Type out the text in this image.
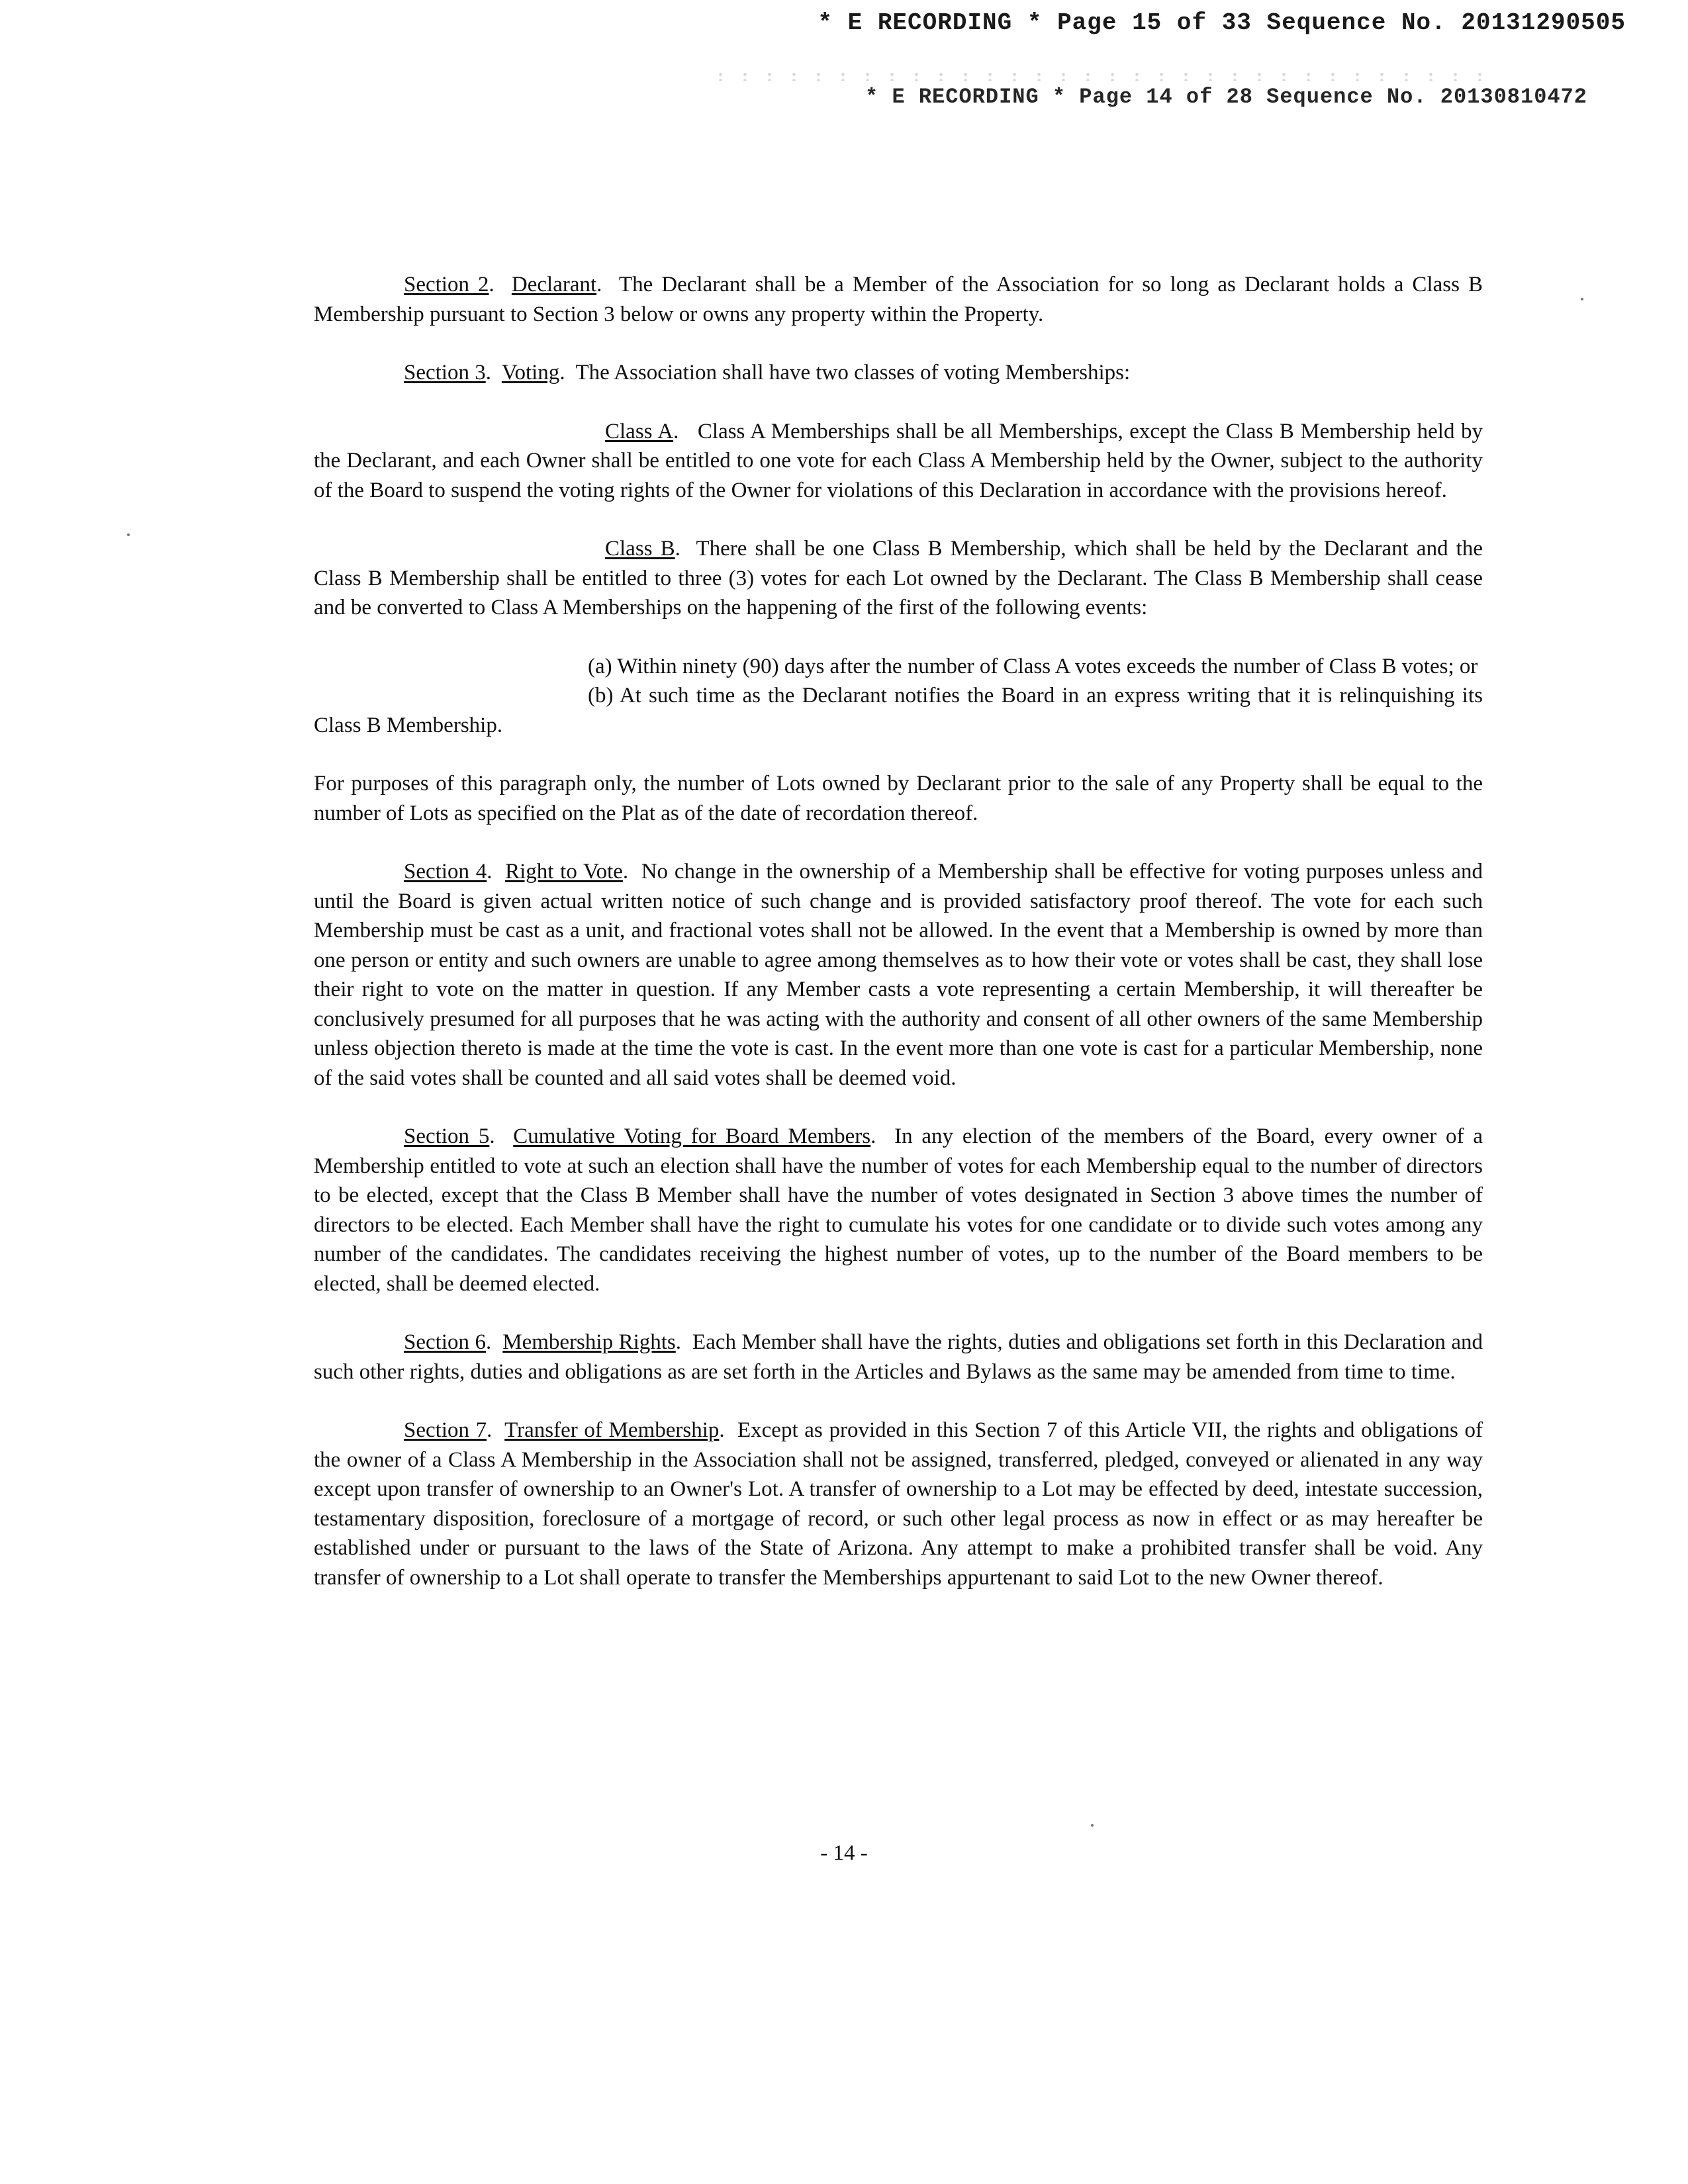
* E RECORDING * Page 15 of 33 Sequence No. 20131290505
* E RECORDING * Page 14 of 28 Sequence No. 20130810472

Section 2.  Declarant.  The Declarant shall be a Member of the Association for so long as Declarant holds a Class B Membership pursuant to Section 3 below or owns any property within the Property.

Section 3.  Voting.  The Association shall have two classes of voting Memberships:

Class A.   Class A Memberships shall be all Memberships, except the Class B Membership held by the Declarant, and each Owner shall be entitled to one vote for each Class A Membership held by the Owner, subject to the authority of the Board to suspend the voting rights of the Owner for violations of this Declaration in accordance with the provisions hereof.

Class B.  There shall be one Class B Membership, which shall be held by the Declarant and the Class B Membership shall be entitled to three (3) votes for each Lot owned by the Declarant. The Class B Membership shall cease and be converted to Class A Memberships on the happening of the first of the following events:

(a) Within ninety (90) days after the number of Class A votes exceeds the number of Class B votes; or

(b) At such time as the Declarant notifies the Board in an express writing that it is relinquishing its Class B Membership.

For purposes of this paragraph only, the number of Lots owned by Declarant prior to the sale of any Property shall be equal to the number of Lots as specified on the Plat as of the date of recordation thereof.

Section 4.  Right to Vote.  No change in the ownership of a Membership shall be effective for voting purposes unless and until the Board is given actual written notice of such change and is provided satisfactory proof thereof. The vote for each such Membership must be cast as a unit, and fractional votes shall not be allowed. In the event that a Membership is owned by more than one person or entity and such owners are unable to agree among themselves as to how their vote or votes shall be cast, they shall lose their right to vote on the matter in question. If any Member casts a vote representing a certain Membership, it will thereafter be conclusively presumed for all purposes that he was acting with the authority and consent of all other owners of the same Membership unless objection thereto is made at the time the vote is cast. In the event more than one vote is cast for a particular Membership, none of the said votes shall be counted and all said votes shall be deemed void.

Section 5.  Cumulative Voting for Board Members.  In any election of the members of the Board, every owner of a Membership entitled to vote at such an election shall have the number of votes for each Membership equal to the number of directors to be elected, except that the Class B Member shall have the number of votes designated in Section 3 above times the number of directors to be elected. Each Member shall have the right to cumulate his votes for one candidate or to divide such votes among any number of the candidates. The candidates receiving the highest number of votes, up to the number of the Board members to be elected, shall be deemed elected.

Section 6.  Membership Rights.  Each Member shall have the rights, duties and obligations set forth in this Declaration and such other rights, duties and obligations as are set forth in the Articles and Bylaws as the same may be amended from time to time.

Section 7.  Transfer of Membership.  Except as provided in this Section 7 of this Article VII, the rights and obligations of the owner of a Class A Membership in the Association shall not be assigned, transferred, pledged, conveyed or alienated in any way except upon transfer of ownership to an Owner's Lot. A transfer of ownership to a Lot may be effected by deed, intestate succession, testamentary disposition, foreclosure of a mortgage of record, or such other legal process as now in effect or as may hereafter be established under or pursuant to the laws of the State of Arizona. Any attempt to make a prohibited transfer shall be void. Any transfer of ownership to a Lot shall operate to transfer the Memberships appurtenant to said Lot to the new Owner thereof.

- 14 -
